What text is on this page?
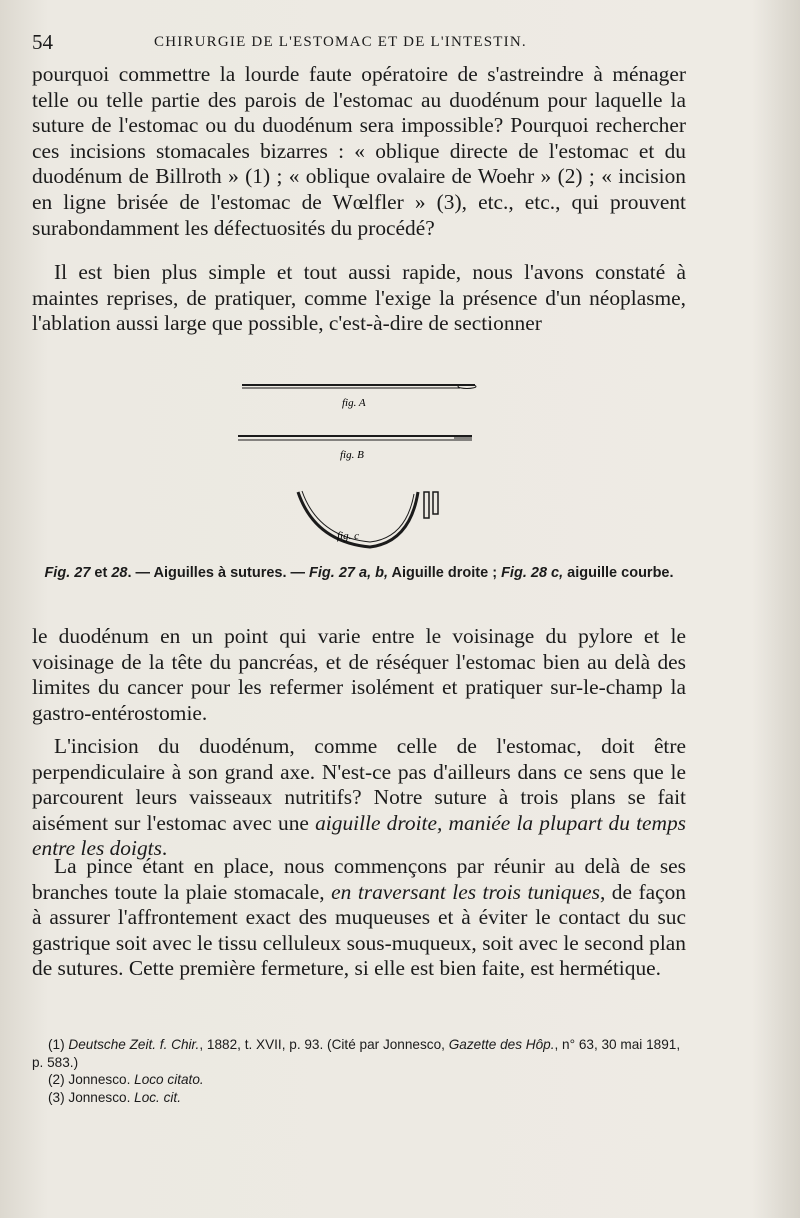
54	CHIRURGIE DE L'ESTOMAC ET DE L'INTESTIN.

pourquoi commettre la lourde faute opératoire de s'astreindre à ménager telle ou telle partie des parois de l'estomac au duodénum pour laquelle la suture de l'estomac ou du duodénum sera impossible? Pourquoi rechercher ces incisions stomacales bizarres : « oblique directe de l'estomac et du duodénum de Billroth » (1) ; « oblique ovalaire de Woehr » (2) ; « incision en ligne brisée de l'estomac de Wœlfler » (3), etc., etc., qui prouvent surabondamment les défectuosités du procédé?

Il est bien plus simple et tout aussi rapide, nous l'avons constaté à maintes reprises, de pratiquer, comme l'exige la présence d'un néoplasme, l'ablation aussi large que possible, c'est-à-dire de sectionner

fig. A
fig. B
fig. c
Fig. 27 et 28. — Aiguilles à sutures. — Fig. 27 a, b, Aiguille droite ; Fig. 28 c, aiguille courbe.

le duodénum en un point qui varie entre le voisinage du pylore et le voisinage de la tête du pancréas, et de réséquer l'estomac bien au delà des limites du cancer pour les refermer isolément et pratiquer sur-le-champ la gastro-entérostomie.

L'incision du duodénum, comme celle de l'estomac, doit être perpendiculaire à son grand axe. N'est-ce pas d'ailleurs dans ce sens que le parcourent leurs vaisseaux nutritifs? Notre suture à trois plans se fait aisément sur l'estomac avec une aiguille droite, maniée la plupart du temps entre les doigts.

La pince étant en place, nous commençons par réunir au delà de ses branches toute la plaie stomacale, en traversant les trois tuniques, de façon à assurer l'affrontement exact des muqueuses et à éviter le contact du suc gastrique soit avec le tissu celluleux sous-muqueux, soit avec le second plan de sutures. Cette première fermeture, si elle est bien faite, est hermétique.

(1) Deutsche Zeit. f. Chir., 1882, t. XVII, p. 93. (Cité par Jonnesco, Gazette des Hôp., n° 63, 30 mai 1891, p. 583.)

(2) Jonnesco. Loco citato.

(3) Jonnesco. Loc. cit.
